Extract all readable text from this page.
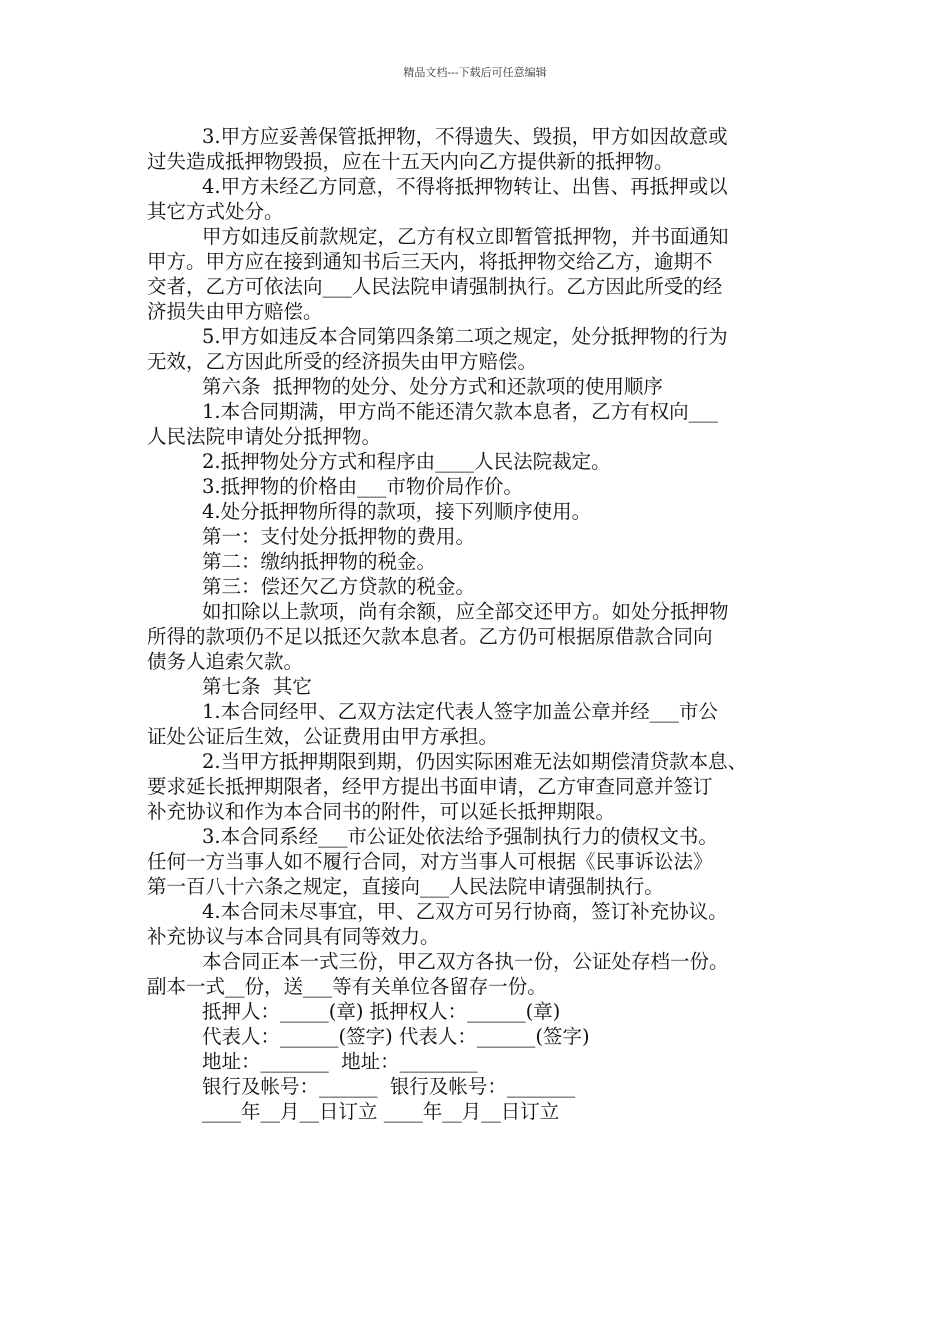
精品文档---下载后可任意编辑
3.甲方应妥善保管抵押物，不得遗失、毁损，甲方如因故意或
过失造成抵押物毁损，应在十五天内向乙方提供新的抵押物。
4.甲方未经乙方同意，不得将抵押物转让、出售、再抵押或以
其它方式处分。
甲方如违反前款规定，乙方有权立即暂管抵押物，并书面通知
甲方。甲方应在接到通知书后三天内，将抵押物交给乙方，逾期不
交者，乙方可依法向___人民法院申请强制执行。乙方因此所受的经
济损失由甲方赔偿。
5.甲方如违反本合同第四条第二项之规定，处分抵押物的行为
无效，乙方因此所受的经济损失由甲方赔偿。
第六条  抵押物的处分、处分方式和还款项的使用顺序
1.本合同期满，甲方尚不能还清欠款本息者，乙方有权向___
人民法院申请处分抵押物。
2.抵押物处分方式和程序由____人民法院裁定。
3.抵押物的价格由___市物价局作价。
4.处分抵押物所得的款项，接下列顺序使用。
第一：支付处分抵押物的费用。
第二：缴纳抵押物的税金。
第三：偿还欠乙方贷款的税金。
如扣除以上款项，尚有余额，应全部交还甲方。如处分抵押物
所得的款项仍不足以抵还欠款本息者。乙方仍可根据原借款合同向
债务人追索欠款。
第七条  其它
1.本合同经甲、乙双方法定代表人签字加盖公章并经___市公
证处公证后生效，公证费用由甲方承担。
2.当甲方抵押期限到期，仍因实际困难无法如期偿清贷款本息、
要求延长抵押期限者，经甲方提出书面申请，乙方审查同意并签订
补充协议和作为本合同书的附件，可以延长抵押期限。
3.本合同系经___市公证处依法给予强制执行力的债权文书。
任何一方当事人如不履行合同，对方当事人可根据《民事诉讼法》
第一百八十六条之规定，直接向___人民法院申请强制执行。
4.本合同未尽事宜，甲、乙双方可另行协商，签订补充协议。
补充协议与本合同具有同等效力。
本合同正本一式三份，甲乙双方各执一份，公证处存档一份。
副本一式__份，送___等有关单位各留存一份。
抵押人：_____(章) 抵押权人：______(章)
代表人：______(签字) 代表人：______(签字)
地址：_______  地址：________
银行及帐号：______  银行及帐号：_______
____年__月__日订立 ____年__月__日订立
